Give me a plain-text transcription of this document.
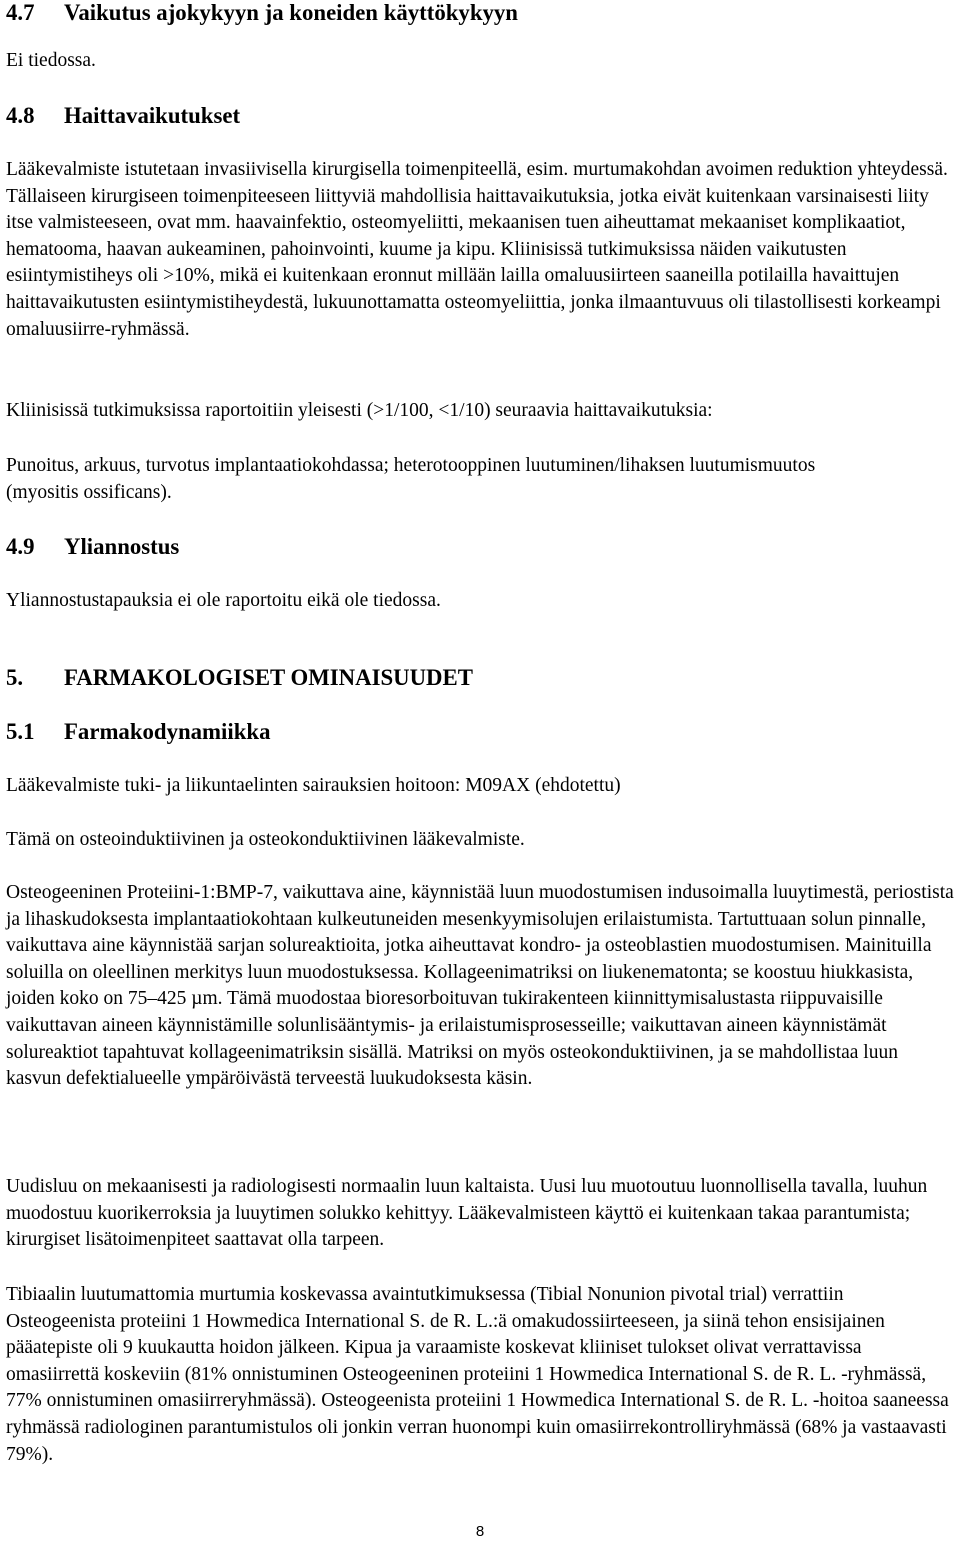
4.7 Vaikutus ajokykyyn ja koneiden käyttökykyyn

Ei tiedossa.

4.8 Haittavaikutukset

Lääkevalmiste istutetaan invasiivisella kirurgisella toimenpiteellä, esim. murtumakohdan avoimen reduktion yhteydessä. Tällaiseen kirurgiseen toimenpiteeseen liittyviä mahdollisia haittavaikutuksia, jotka eivät kuitenkaan varsinaisesti liity itse valmisteeseen, ovat mm. haavainfektio, osteomyeliitti, mekaanisen tuen aiheuttamat mekaaniset komplikaatiot, hematooma, haavan aukeaminen, pahoinvointi, kuume ja kipu. Kliinisissä tutkimuksissa näiden vaikutusten esiintymistiheys oli >10%, mikä ei kuitenkaan eronnut millään lailla omaluusiirteen saaneilla potilailla havaittujen haittavaikutusten esiintymistiheydestä, lukuunottamatta osteomyeliittia, jonka ilmaantuvuus oli tilastollisesti korkeampi omaluusiirre-ryhmässä.

Kliinisissä tutkimuksissa raportoitiin yleisesti (>1/100, <1/10) seuraavia haittavaikutuksia:

Punoitus, arkuus, turvotus implantaatiokohdassa; heterotooppinen luutuminen/lihaksen luutumismuutos (myositis ossificans).

4.9 Yliannostus

Yliannostustapauksia ei ole raportoitu eikä ole tiedossa.

5. FARMAKOLOGISET OMINAISUUDET
5.1 Farmakodynamiikka

Lääkevalmiste tuki- ja liikuntaelinten sairauksien hoitoon: M09AX (ehdotettu)

Tämä on osteoinduktiivinen ja osteokonduktiivinen lääkevalmiste.

Osteogeeninen Proteiini-1:BMP-7, vaikuttava aine, käynnistää luun muodostumisen indusoimalla luuytimestä, periostista ja lihaskudoksesta implantaatiokohtaan kulkeutuneiden mesenkyymisolujen erilaistumista. Tartuttuaan solun pinnalle, vaikuttava aine käynnistää sarjan solureaktioita, jotka aiheuttavat kondro- ja osteoblastien muodostumisen. Mainituilla soluilla on oleellinen merkitys luun muodostuksessa. Kollageenimatriksi on liukenematonta; se koostuu hiukkasista, joiden koko on 75–425 µm. Tämä muodostaa bioresorboituvan tukirakenteen kiinnittymisalustasta riippuvaisille vaikuttavan aineen käynnistämille solunlisääntymis- ja erilaistumisprosesseille; vaikuttavan aineen käynnistämät solureaktiot tapahtuvat kollageenimatriksin sisällä. Matriksi on myös osteokonduktiivinen, ja se mahdollistaa luun kasvun defektialueelle ympäröivästä terveestä luukudoksesta käsin.

Uudisluu on mekaanisesti ja radiologisesti normaalin luun kaltaista. Uusi luu muotoutuu luonnollisella tavalla, luuhun muodostuu kuorikerroksia ja luuytimen solukko kehittyy. Lääkevalmisteen käyttö ei kuitenkaan takaa parantumista; kirurgiset lisätoimenpiteet saattavat olla tarpeen.

Tibiaalin luutumattomia murtumia koskevassa avaintutkimuksessa (Tibial Nonunion pivotal trial) verrattiin Osteogeenista proteiini 1 Howmedica International S. de R. L.:ä omakudossiirteeseen, ja siinä tehon ensisijainen pääatepiste oli 9 kuukautta hoidon jälkeen. Kipua ja varaamiste koskevat kliiniset tulokset olivat verrattavissa omasiirrettä koskeviin (81% onnistuminen Osteogeeninen proteiini 1 Howmedica International S. de R. L. -ryhmässä, 77% onnistuminen omasiirreryhmässä). Osteogeenista proteiini 1 Howmedica International S. de R. L. -hoitoa saaneessa ryhmässä radiologinen parantumistulos oli jonkin verran huonompi kuin omasiirrekontrolliryhmässä (68% ja vastaavasti 79%).

8
